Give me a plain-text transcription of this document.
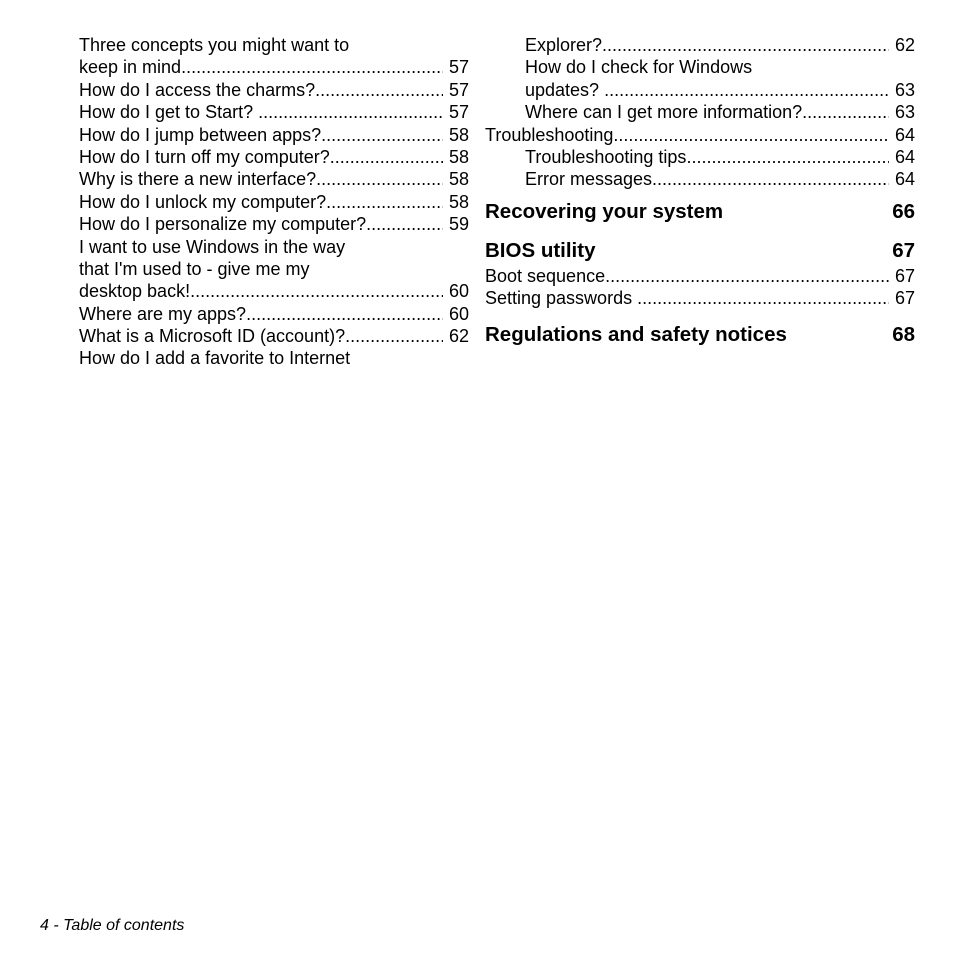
Three concepts you might want to
keep in mind .....	57
How do I access the charms? .....	57
How do I get to Start? .....	57
How do I jump between apps? .....	58
How do I turn off my computer? .....	58
Why is there a new interface? .....	58
How do I unlock my computer? .....	58
How do I personalize my computer? .....	59
I want to use Windows in the way
that I'm used to - give me my
desktop back! .....	60
Where are my apps? .....	60
What is a Microsoft ID (account)? .....	62
How do I add a favorite to Internet
Explorer? .....	62
How do I check for Windows
updates? .....	63
Where can I get more information? .....	63
Troubleshooting .....	64
Troubleshooting tips .....	64
Error messages .....	64
Recovering your system	66
BIOS utility	67
Boot sequence .....	67
Setting passwords .....	67
Regulations and safety notices	68
4 - Table of contents
